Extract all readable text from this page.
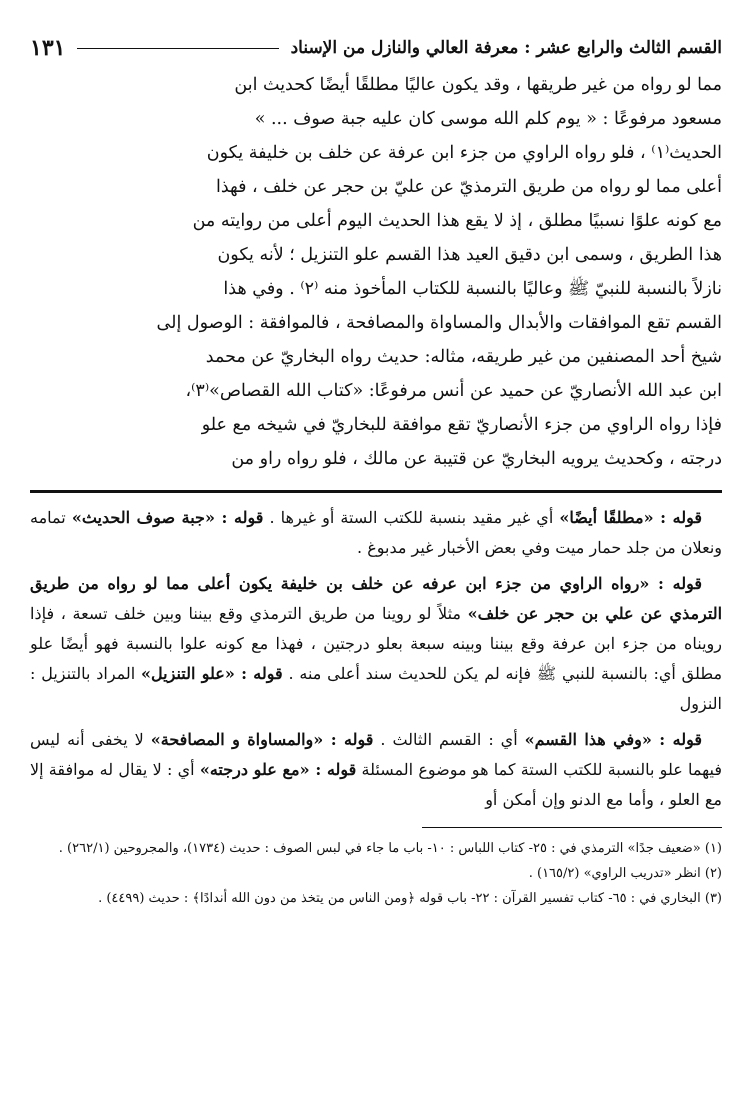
القسم الثالث والرابع عشر : معرفة العالي والنازل من الإسناد
١٣١

مما لو رواه من غير طريقها ، وقد يكون عاليًا مطلقًا أيضًا كحديث ابن

مسعود مرفوعًا : « يوم كلم الله موسى كان عليه جبة صوف ... »

الحديث⁽١⁾ ، فلو رواه الراوي من جزء ابن عرفة عن خلف بن خليفة يكون

أعلى مما لو رواه من طريق الترمذيّ عن عليّ بن حجر عن خلف ، فهذا

مع كونه علوًا نسبيًا مطلق ، إذ لا يقع هذا الحديث اليوم أعلى من روايته من

هذا الطريق ، وسمى ابن دقيق العيد هذا القسم علو التنزيل ؛ لأنه يكون

نازلاً بالنسبة للنبيّ ﷺ وعاليًا بالنسبة للكتاب المأخوذ منه ⁽٢⁾ . وفي هذا

القسم تقع الموافقات والأبدال والمساواة والمصافحة ، فالموافقة : الوصول إلى

شيخ أحد المصنفين من غير طريقه، مثاله: حديث رواه البخاريّ عن محمد

ابن عبد الله الأنصاريّ عن حميد عن أنس مرفوعًا: «كتاب الله القصاص»⁽٣⁾،

فإذا رواه الراوي من جزء الأنصاريّ تقع موافقة للبخاريّ في شيخه مع علو

درجته ، وكحديث يرويه البخاريّ عن قتيبة عن مالك ، فلو رواه راو من

قوله : «مطلقًا أيضًا» أي غير مقيد بنسبة للكتب الستة أو غيرها . قوله : «جبة صوف الحديث» تمامه ونعلان من جلد حمار ميت وفي بعض الأخبار غير مدبوغ .

قوله : «رواه الراوي من جزء ابن عرفه عن خلف بن خليفة يكون أعلى مما لو رواه من طريق الترمذي عن علي بن حجر عن خلف» مثلاً لو روينا من طريق الترمذي وقع بيننا وبين خلف تسعة ، فإذا رويناه من جزء ابن عرفة وقع بيننا وبينه سبعة بعلو درجتين ، فهذا مع كونه علوا بالنسبة فهو أيضًا علو مطلق أي: بالنسبة للنبي ﷺ فإنه لم يكن للحديث سند أعلى منه . قوله : «علو التنزيل» المراد بالتنزيل : النزول

قوله : «وفي هذا القسم» أي : القسم الثالث . قوله : «والمساواة و المصافحة» لا يخفى أنه ليس فيهما علو بالنسبة للكتب الستة كما هو موضوع المسئلة قوله : «مع علو درجته» أي : لا يقال له موافقة إلا مع العلو ، وأما مع الدنو وإن أمكن أو

(١) «ضعيف جدًا» الترمذي في : ٢٥- كتاب اللباس : ١٠- باب ما جاء في لبس الصوف : حديث (١٧٣٤)، والمجروحين (٢٦٢/١) .

(٢) انظر «تدريب الراوي» (١٦٥/٢) .

(٣) البخاري في : ٦٥- كتاب تفسير القرآن : ٢٢- باب قوله ﴿ومن الناس من يتخذ من دون الله أندادًا﴾ : حديث (٤٤٩٩) .
